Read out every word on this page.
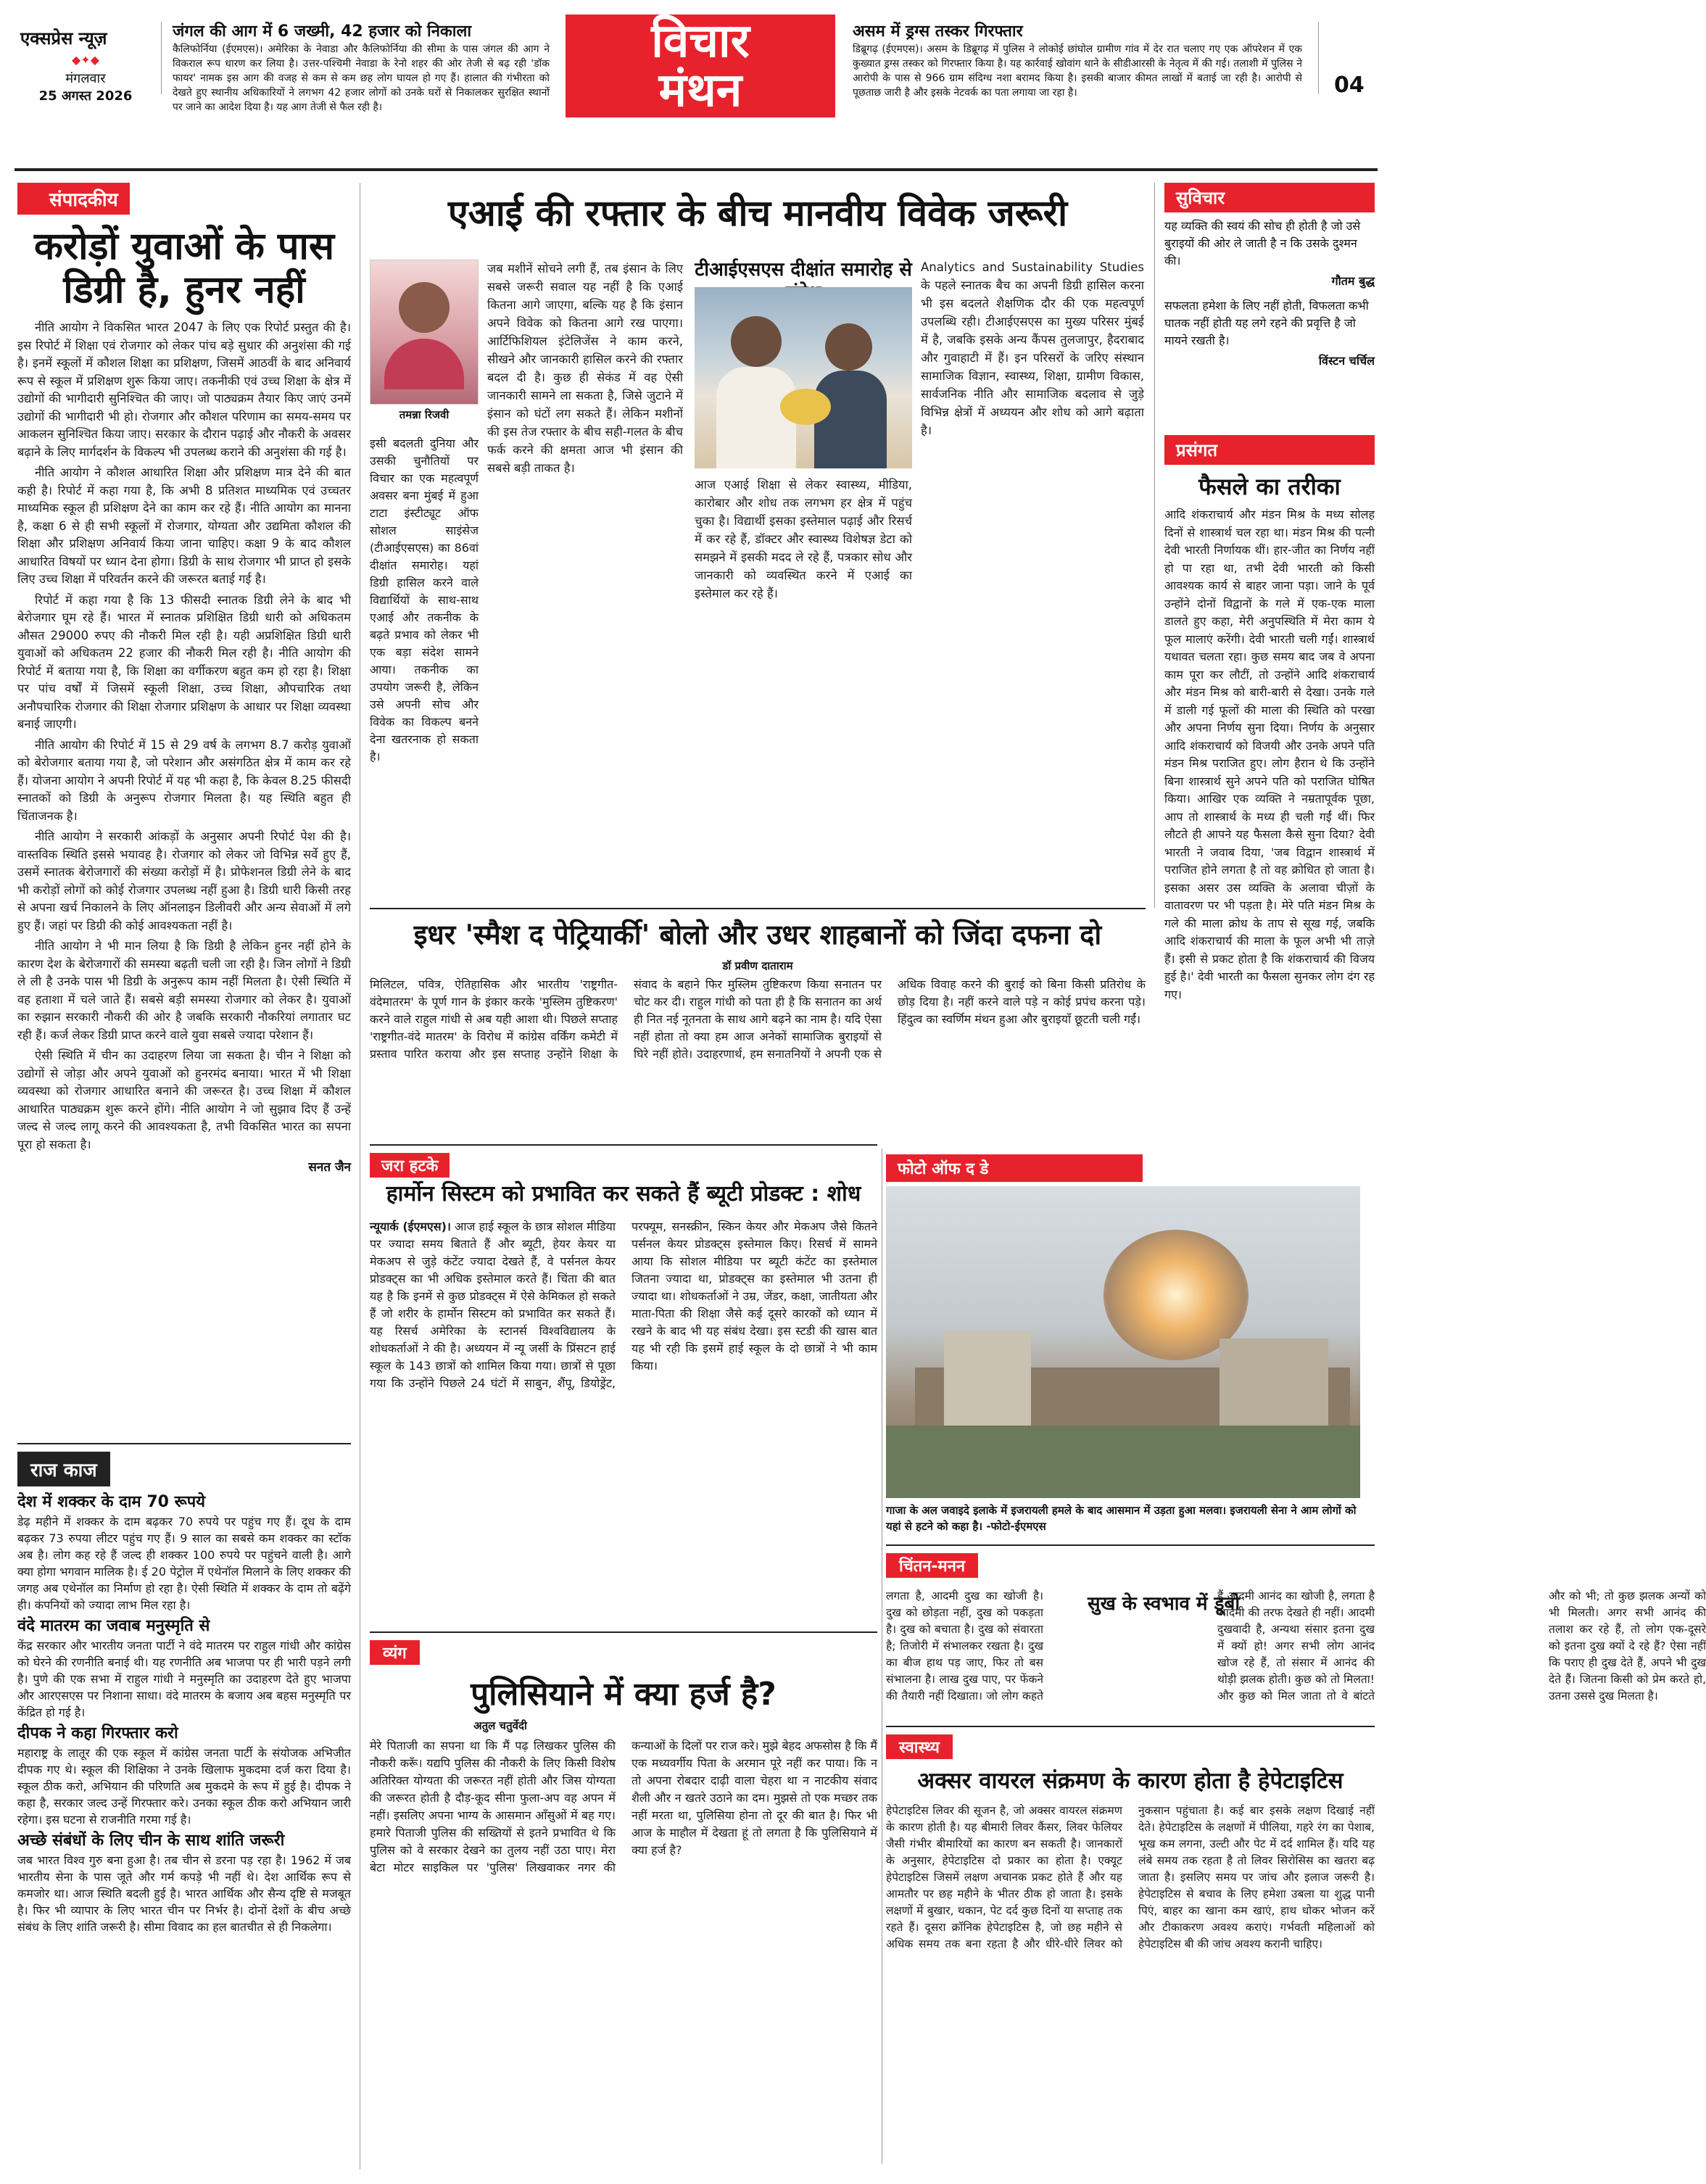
एक्सप्रेस न्यूज़
◆✦◆
मंगलवार
25 अगस्त 2026
जंगल की आग में 6 जख्मी, 42 हजार को निकाला
कैलिफोर्निया (ईएमएस)। अमेरिका के नेवाडा और कैलिफोर्निया की सीमा के पास जंगल की आग ने विकराल रूप धारण कर लिया है। उत्तर-पश्चिमी नेवाडा के रेनो शहर की ओर तेजी से बढ़ रही 'डॉक फायर' नामक इस आग की वजह से कम से कम छह लोग घायल हो गए हैं। हालात की गंभीरता को देखते हुए स्थानीय अधिकारियों ने लगभग 42 हजार लोगों को उनके घरों से निकालकर सुरक्षित स्थानों पर जाने का आदेश दिया है। यह आग तेजी से फैल रही है।
विचार
मंथन
असम में ड्रग्स तस्कर गिरफ्तार
डिब्रूगढ़ (ईएमएस)। असम के डिब्रूगढ़ में पुलिस ने लोकोई छांघोल ग्रामीण गांव में देर रात चलाए गए एक ऑपरेशन में एक कुख्यात ड्रग्स तस्कर को गिरफ्तार किया है। यह कार्रवाई खोवांग थाने के सीडीआरसी के नेतृत्व में की गई। तलाशी में पुलिस ने आरोपी के पास से 966 ग्राम संदिग्ध नशा बरामद किया है। इसकी बाजार कीमत लाखों में बताई जा रही है। आरोपी से पूछताछ जारी है और इसके नेटवर्क का पता लगाया जा रहा है।	04
संपादकीय
करोड़ों युवाओं के पास डिग्री है, हुनर नहीं

नीति आयोग ने विकसित भारत 2047 के लिए एक रिपोर्ट प्रस्तुत की है। इस रिपोर्ट में शिक्षा एवं रोजगार को लेकर पांच बड़े सुधार की अनुशंसा की गई है। इनमें स्कूलों में कौशल शिक्षा का प्रशिक्षण, जिसमें आठवीं के बाद अनिवार्य रूप से स्कूल में प्रशिक्षण शुरू किया जाए। तकनीकी एवं उच्च शिक्षा के क्षेत्र में उद्योगों की भागीदारी सुनिश्चित की जाए। जो पाठ्यक्रम तैयार किए जाएं उनमें उद्योगों की भागीदारी भी हो। रोजगार और कौशल परिणाम का समय-समय पर आकलन सुनिश्चित किया जाए। सरकार के दौरान पढ़ाई और नौकरी के अवसर बढ़ाने के लिए मार्गदर्शन के विकल्प भी उपलब्ध कराने की अनुशंसा की गई है।

नीति आयोग ने कौशल आधारित शिक्षा और प्रशिक्षण मात्र देने की बात कही है। रिपोर्ट में कहा गया है, कि अभी 8 प्रतिशत माध्यमिक एवं उच्चतर माध्यमिक स्कूल ही प्रशिक्षण देने का काम कर रहे हैं। नीति आयोग का मानना है, कक्षा 6 से ही सभी स्कूलों में रोजगार, योग्यता और उद्यमिता कौशल की शिक्षा और प्रशिक्षण अनिवार्य किया जाना चाहिए। कक्षा 9 के बाद कौशल आधारित विषयों पर ध्यान देना होगा। डिग्री के साथ रोजगार भी प्राप्त हो इसके लिए उच्च शिक्षा में परिवर्तन करने की जरूरत बताई गई है।

रिपोर्ट में कहा गया है कि 13 फीसदी स्नातक डिग्री लेने के बाद भी बेरोजगार घूम रहे हैं। भारत में स्नातक प्रशिक्षित डिग्री धारी को अधिकतम औसत 29000 रुपए की नौकरी मिल रही है। यही अप्रशिक्षित डिग्री धारी युवाओं को अधिकतम 22 हजार की नौकरी मिल रही है। नीति आयोग की रिपोर्ट में बताया गया है, कि शिक्षा का वर्गीकरण बहुत कम हो रहा है। शिक्षा पर पांच वर्षों में जिसमें स्कूली शिक्षा, उच्च शिक्षा, औपचारिक तथा अनौपचारिक रोजगार की शिक्षा रोजगार प्रशिक्षण के आधार पर शिक्षा व्यवस्था बनाई जाएगी।

नीति आयोग की रिपोर्ट में 15 से 29 वर्ष के लगभग 8.7 करोड़ युवाओं को बेरोजगार बताया गया है, जो परेशान और असंगठित क्षेत्र में काम कर रहे हैं। योजना आयोग ने अपनी रिपोर्ट में यह भी कहा है, कि केवल 8.25 फीसदी स्नातकों को डिग्री के अनुरूप रोजगार मिलता है। यह स्थिति बहुत ही चिंताजनक है।

नीति आयोग ने सरकारी आंकड़ों के अनुसार अपनी रिपोर्ट पेश की है। वास्तविक स्थिति इससे भयावह है। रोजगार को लेकर जो विभिन्न सर्वे हुए हैं, उसमें स्नातक बेरोजगारों की संख्या करोड़ों में है। प्रोफेशनल डिग्री लेने के बाद भी करोड़ों लोगों को कोई रोजगार उपलब्ध नहीं हुआ है। डिग्री धारी किसी तरह से अपना खर्च निकालने के लिए ऑनलाइन डिलीवरी और अन्य सेवाओं में लगे हुए हैं। जहां पर डिग्री की कोई आवश्यकता नहीं है।

नीति आयोग ने भी मान लिया है कि डिग्री है लेकिन हुनर नहीं होने के कारण देश के बेरोजगारों की समस्या बढ़ती चली जा रही है। जिन लोगों ने डिग्री ले ली है उनके पास भी डिग्री के अनुरूप काम नहीं मिलता है। ऐसी स्थिति में वह हताशा में चले जाते हैं। सबसे बड़ी समस्या रोजगार को लेकर है। युवाओं का रुझान सरकारी नौकरी की ओर है जबकि सरकारी नौकरियां लगातार घट रही हैं। कर्ज लेकर डिग्री प्राप्त करने वाले युवा सबसे ज्यादा परेशान हैं।

ऐसी स्थिति में चीन का उदाहरण लिया जा सकता है। चीन ने शिक्षा को उद्योगों से जोड़ा और अपने युवाओं को हुनरमंद बनाया। भारत में भी शिक्षा व्यवस्था को रोजगार आधारित बनाने की जरूरत है। उच्च शिक्षा में कौशल आधारित पाठ्यक्रम शुरू करने होंगे। नीति आयोग ने जो सुझाव दिए हैं उन्हें जल्द से जल्द लागू करने की आवश्यकता है, तभी विकसित भारत का सपना पूरा हो सकता है।

सनत जैन
राज काज
देश में शक्कर के दाम 70 रूपये

डेढ़ महीने में शक्कर के दाम बढ़कर 70 रुपये पर पहुंच गए हैं। दूध के दाम बढ़कर 73 रुपया लीटर पहुंच गए हैं। 9 साल का सबसे कम शक्कर का स्टॉक अब है। लोग कह रहे हैं जल्द ही शक्कर 100 रुपये पर पहुंचने वाली है। आगे क्या होगा भगवान मालिक है। ई 20 पेट्रोल में एथेनॉल मिलाने के लिए शक्कर की जगह अब एथेनॉल का निर्माण हो रहा है। ऐसी स्थिति में शक्कर के दाम तो बढ़ेंगे ही। कंपनियों को ज्यादा लाभ मिल रहा है।

वंदे मातरम का जवाब मनुस्मृति से

केंद्र सरकार और भारतीय जनता पार्टी ने वंदे मातरम पर राहुल गांधी और कांग्रेस को घेरने की रणनीति बनाई थी। यह रणनीति अब भाजपा पर ही भारी पड़ने लगी है। पुणे की एक सभा में राहुल गांधी ने मनुस्मृति का उदाहरण देते हुए भाजपा और आरएसएस पर निशाना साधा। वंदे मातरम के बजाय अब बहस मनुस्मृति पर केंद्रित हो गई है।

दीपक ने कहा गिरफ्तार करो

महाराष्ट्र के लातूर की एक स्कूल में कांग्रेस जनता पार्टी के संयोजक अभिजीत दीपक गए थे। स्कूल की शिक्षिका ने उनके खिलाफ मुकदमा दर्ज करा दिया है। स्कूल ठीक करो, अभियान की परिणति अब मुकदमे के रूप में हुई है। दीपक ने कहा है, सरकार जल्द उन्हें गिरफ्तार करे। उनका स्कूल ठीक करो अभियान जारी रहेगा। इस घटना से राजनीति गरमा गई है।

अच्छे संबंधों के लिए चीन के साथ शांति जरूरी

जब भारत विश्व गुरु बना हुआ है। तब चीन से डरना पड़ रहा है। 1962 में जब भारतीय सेना के पास जूते और गर्म कपड़े भी नहीं थे। देश आर्थिक रूप से कमजोर था। आज स्थिति बदली हुई है। भारत आर्थिक और सैन्य दृष्टि से मजबूत है। फिर भी व्यापार के लिए भारत चीन पर निर्भर है। दोनों देशों के बीच अच्छे संबंध के लिए शांति जरूरी है। सीमा विवाद का हल बातचीत से ही निकलेगा।

एआई की रफ्तार के बीच मानवीय विवेक जरूरी
तमन्ना रिजवी
जब मशीनें सोचने लगी हैं, तब इंसान के लिए सबसे जरूरी सवाल यह नहीं है कि एआई कितना आगे जाएगा, बल्कि यह है कि इंसान अपने विवेक को कितना आगे रख पाएगा। आर्टिफिशियल इंटेलिजेंस ने काम करने, सीखने और जानकारी हासिल करने की रफ्तार बदल दी है। कुछ ही सेकंड में वह ऐसी जानकारी सामने ला सकता है, जिसे जुटाने में इंसान को घंटों लग सकते हैं। लेकिन मशीनों की इस तेज रफ्तार के बीच सही-गलत के बीच फर्क करने की क्षमता आज भी इंसान की सबसे बड़ी ताकत है।
इसी बदलती दुनिया और उसकी चुनौतियों पर विचार का एक महत्वपूर्ण अवसर बना मुंबई में हुआ टाटा इंस्टीट्यूट ऑफ सोशल साइंसेज (टीआईएसएस) का 86वां दीक्षांत समारोह। यहां डिग्री हासिल करने वाले विद्यार्थियों के साथ-साथ एआई और तकनीक के बढ़ते प्रभाव को लेकर भी एक बड़ा संदेश सामने आया। तकनीक का उपयोग जरूरी है, लेकिन उसे अपनी सोच और विवेक का विकल्प बनने देना खतरनाक हो सकता है।
टीआईएसएस दीक्षांत समारोह से
आज एआई शिक्षा से लेकर स्वास्थ्य, मीडिया, कारोबार और शोध तक लगभग हर क्षेत्र में पहुंच चुका है। विद्यार्थी इसका इस्तेमाल पढ़ाई और रिसर्च में कर रहे हैं, डॉक्टर और स्वास्थ्य विशेषज्ञ डेटा को समझने में इसकी मदद ले रहे हैं, पत्रकार सोध और जानकारी को व्यवस्थित करने में एआई का इस्तेमाल कर रहे हैं।
Analytics and Sustainability Studies के पहले स्नातक बैच का अपनी डिग्री हासिल करना भी इस बदलते शैक्षणिक दौर की एक महत्वपूर्ण उपलब्धि रही। टीआईएसएस का मुख्य परिसर मुंबई में है, जबकि इसके अन्य कैंपस तुलजापुर, हैदराबाद और गुवाहाटी में हैं। इन परिसरों के जरिए संस्थान सामाजिक विज्ञान, स्वास्थ्य, शिक्षा, ग्रामीण विकास, सार्वजनिक नीति और सामाजिक बदलाव से जुड़े विभिन्न क्षेत्रों में अध्ययन और शोध को आगे बढ़ाता है।
इधर 'स्मैश द पेट्रियार्की' बोलो और उधर शाहबानों को जिंदा दफना दो
डॉ प्रवीण दाताराम
मिलिटल, पवित्र, ऐतिहासिक और भारतीय 'राष्ट्रगीत-वंदेमातरम' के पूर्ण गान के इंकार करके 'मुस्लिम तुष्टिकरण' करने वाले राहुल गांधी से अब यही आशा थी। पिछले सप्ताह 'राष्ट्रगीत-वंदे मातरम' के विरोध में कांग्रेस वर्किंग कमेटी में प्रस्ताव पारित कराया और इस सप्ताह उन्होंने शिक्षा के संवाद के बहाने फिर मुस्लिम तुष्टिकरण किया सनातन पर चोट कर दी। राहुल गांधी को पता ही है कि सनातन का अर्थ ही नित नई नूतनता के साथ आगे बढ़ने का नाम है। यदि ऐसा नहीं होता तो क्या हम आज अनेकों सामाजिक बुराइयों से घिरे नहीं होते। उदाहरणार्थ, हम सनातनियों ने अपनी एक से अधिक विवाह करने की बुराई को बिना किसी प्रतिरोध के छोड़ दिया है। नहीं करने वाले पड़े न कोई प्रपंच करना पड़े। हिंदुत्व का स्वर्णिम मंथन हुआ और बुराइयाँ छूटती चली गईं।
जरा हटके
हार्मोन सिस्टम को प्रभावित कर सकते हैं ब्यूटी प्रोडक्ट : शोध
न्यूयार्क (ईएमएस)। आज हाई स्कूल के छात्र सोशल मीडिया पर ज्यादा समय बिताते हैं और ब्यूटी, हेयर केयर या मेकअप से जुड़े कंटेंट ज्यादा देखते हैं, वे पर्सनल केयर प्रोडक्ट्स का भी अधिक इस्तेमाल करते हैं। चिंता की बात यह है कि इनमें से कुछ प्रोडक्ट्स में ऐसे केमिकल हो सकते हैं जो शरीर के हार्मोन सिस्टम को प्रभावित कर सकते हैं। यह रिसर्च अमेरिका के स्टानर्स विश्वविद्यालय के शोधकर्ताओं ने की है। अध्ययन में न्यू जर्सी के प्रिंसटन हाई स्कूल के 143 छात्रों को शामिल किया गया। छात्रों से पूछा गया कि उन्होंने पिछले 24 घंटों में साबुन, शैंपू, डियोड्रेंट, परफ्यूम, सनस्क्रीन, स्किन केयर और मेकअप जैसे कितने पर्सनल केयर प्रोडक्ट्स इस्तेमाल किए। रिसर्च में सामने आया कि सोशल मीडिया पर ब्यूटी कंटेंट का इस्तेमाल जितना ज्यादा था, प्रोडक्ट्स का इस्तेमाल भी उतना ही ज्यादा था। शोधकर्ताओं ने उम्र, जेंडर, कक्षा, जातीयता और माता-पिता की शिक्षा जैसे कई दूसरे कारकों को ध्यान में रखने के बाद भी यह संबंध देखा। इस स्टडी की खास बात यह भी रही कि इसमें हाई स्कूल के दो छात्रों ने भी काम किया।
फोटो ऑफ द डे
गाजा के अल जवाइदे इलाके में इजरायली हमले के बाद आसमान में उड़ता हुआ मलवा। इजरायली सेना ने आम लोगों को यहां से हटने को कहा है। -फोटो-ईएमएस
व्यंग
पुलिसियाने में क्या हर्ज है?
अतुल चतुर्वेदी
मेरे पिताजी का सपना था कि मैं पढ़ लिखकर पुलिस की नौकरी करूँ। यद्यपि पुलिस की नौकरी के लिए किसी विशेष अतिरिक्त योग्यता की जरूरत नहीं होती और जिस योग्यता की जरूरत होती है दौड़-कूद सीना फुला-अप वह अपन में नहीं। इसलिए अपना भाग्य के आसमान आँसुओं में बह गए। हमारे पिताजी पुलिस की सख्तियों से इतने प्रभावित थे कि पुलिस को वे सरकार देखने का तुलय नहीं उठा पाए। मेरा बेटा मोटर साइकिल पर 'पुलिस' लिखवाकर नगर की कन्याओं के दिलों पर राज करे। मुझे बेहद अफसोस है कि मैं एक मध्यवर्गीय पिता के अरमान पूरे नहीं कर पाया। कि न तो अपना रोबदार दाढ़ी वाला चेहरा था न नाटकीय संवाद शैली और न खतरे उठाने का दम। मुझसे तो एक मच्छर तक नहीं मरता था, पुलिसिया होना तो दूर की बात है। फिर भी आज के माहौल में देखता हूं तो लगता है कि पुलिसियाने में क्या हर्ज है?
सुविचार
यह व्यक्ति की स्वयं की सोच ही होती है जो उसे बुराइयों की ओर ले जाती है न कि उसके दुश्मन की।
गौतम बुद्ध
सफलता हमेशा के लिए नहीं होती, विफलता कभी घातक नहीं होती यह लगे रहने की प्रवृत्ति है जो मायने रखती है।
विंस्टन चर्चिल
प्रसंगत
फैसले का तरीका
आदि शंकराचार्य और मंडन मिश्र के मध्य सोलह दिनों से शास्त्रार्थ चल रहा था। मंडन मिश्र की पत्नी देवी भारती निर्णायक थीं। हार-जीत का निर्णय नहीं हो पा रहा था, तभी देवी भारती को किसी आवश्यक कार्य से बाहर जाना पड़ा। जाने के पूर्व उन्होंने दोनों विद्वानों के गले में एक-एक माला डालते हुए कहा, मेरी अनुपस्थिति में मेरा काम ये फूल मालाएं करेंगी। देवी भारती चली गईं। शास्त्रार्थ यथावत चलता रहा। कुछ समय बाद जब वे अपना काम पूरा कर लौटीं, तो उन्होंने आदि शंकराचार्य और मंडन मिश्र को बारी-बारी से देखा। उनके गले में डाली गई फूलों की माला की स्थिति को परखा और अपना निर्णय सुना दिया। निर्णय के अनुसार आदि शंकराचार्य को विजयी और उनके अपने पति मंडन मिश्र पराजित हुए। लोग हैरान थे कि उन्होंने बिना शास्त्रार्थ सुने अपने पति को पराजित घोषित किया। आखिर एक व्यक्ति ने नम्रतापूर्वक पूछा, आप तो शास्त्रार्थ के मध्य ही चली गईं थीं। फिर लौटते ही आपने यह फैसला कैसे सुना दिया? देवी भारती ने जवाब दिया, 'जब विद्वान शास्त्रार्थ में पराजित होने लगता है तो वह क्रोधित हो जाता है। इसका असर उस व्यक्ति के अलावा चीज़ों के वातावरण पर भी पड़ता है। मेरे पति मंडन मिश्र के गले की माला क्रोध के ताप से सूख गई, जबकि आदि शंकराचार्य की माला के फूल अभी भी ताज़े हैं। इसी से प्रकट होता है कि शंकराचार्य की विजय हुई है।' देवी भारती का फैसला सुनकर लोग दंग रह गए।
चिंतन-मनन
सुख के स्वभाव में डूबो
लगता है, आदमी दुख का खोजी है। दुख को छोड़ता नहीं, दुख को पकड़ता है। दुख को बचाता है। दुख को संवारता है; तिजोरी में संभालकर रखता है। दुख का बीज हाथ पड़ जाए, फिर तो बस संभालना है। लाख दुख पाए, पर फेंकने की तैयारी नहीं दिखाता। जो लोग कहते हैं आदमी आनंद का खोजी है, लगता है आदमी की तरफ देखते ही नहीं। आदमी दुखवादी है, अन्यथा संसार इतना दुख में क्यों हो! अगर सभी लोग आनंद खोज रहे हैं, तो संसार में आनंद की थोड़ी झलक होती। कुछ को तो मिलता! और कुछ को मिल जाता तो वे बांटते और को भी; तो कुछ झलक अन्यों को भी मिलती। अगर सभी आनंद की तलाश कर रहे हैं, तो लोग एक-दूसरे को इतना दुख क्यों दे रहे हैं? ऐसा नहीं कि पराए ही दुख देते हैं, अपने भी दुख देते हैं। जितना किसी को प्रेम करते हो, उतना उससे दुख मिलता है।
स्वास्थ्य
अक्सर वायरल संक्रमण के कारण होता है हेपेटाइटिस
हेपेटाइटिस लिवर की सूजन है, जो अक्सर वायरल संक्रमण के कारण होती है। यह बीमारी लिवर कैंसर, लिवर फेलियर जैसी गंभीर बीमारियों का कारण बन सकती है। जानकारों के अनुसार, हेपेटाइटिस दो प्रकार का होता है। एक्यूट हेपेटाइटिस जिसमें लक्षण अचानक प्रकट होते हैं और यह आमतौर पर छह महीने के भीतर ठीक हो जाता है। इसके लक्षणों में बुखार, थकान, पेट दर्द कुछ दिनों या सप्ताह तक रहते हैं। दूसरा क्रॉनिक हेपेटाइटिस है, जो छह महीने से अधिक समय तक बना रहता है और धीरे-धीरे लिवर को नुकसान पहुंचाता है। कई बार इसके लक्षण दिखाई नहीं देते। हेपेटाइटिस के लक्षणों में पीलिया, गहरे रंग का पेशाब, भूख कम लगना, उल्टी और पेट में दर्द शामिल हैं। यदि यह लंबे समय तक रहता है तो लिवर सिरोसिस का खतरा बढ़ जाता है। इसलिए समय पर जांच और इलाज जरूरी है। हेपेटाइटिस से बचाव के लिए हमेशा उबला या शुद्ध पानी पिएं, बाहर का खाना कम खाएं, हाथ धोकर भोजन करें और टीकाकरण अवश्य कराएं। गर्भवती महिलाओं को हेपेटाइटिस बी की जांच अवश्य करानी चाहिए।
